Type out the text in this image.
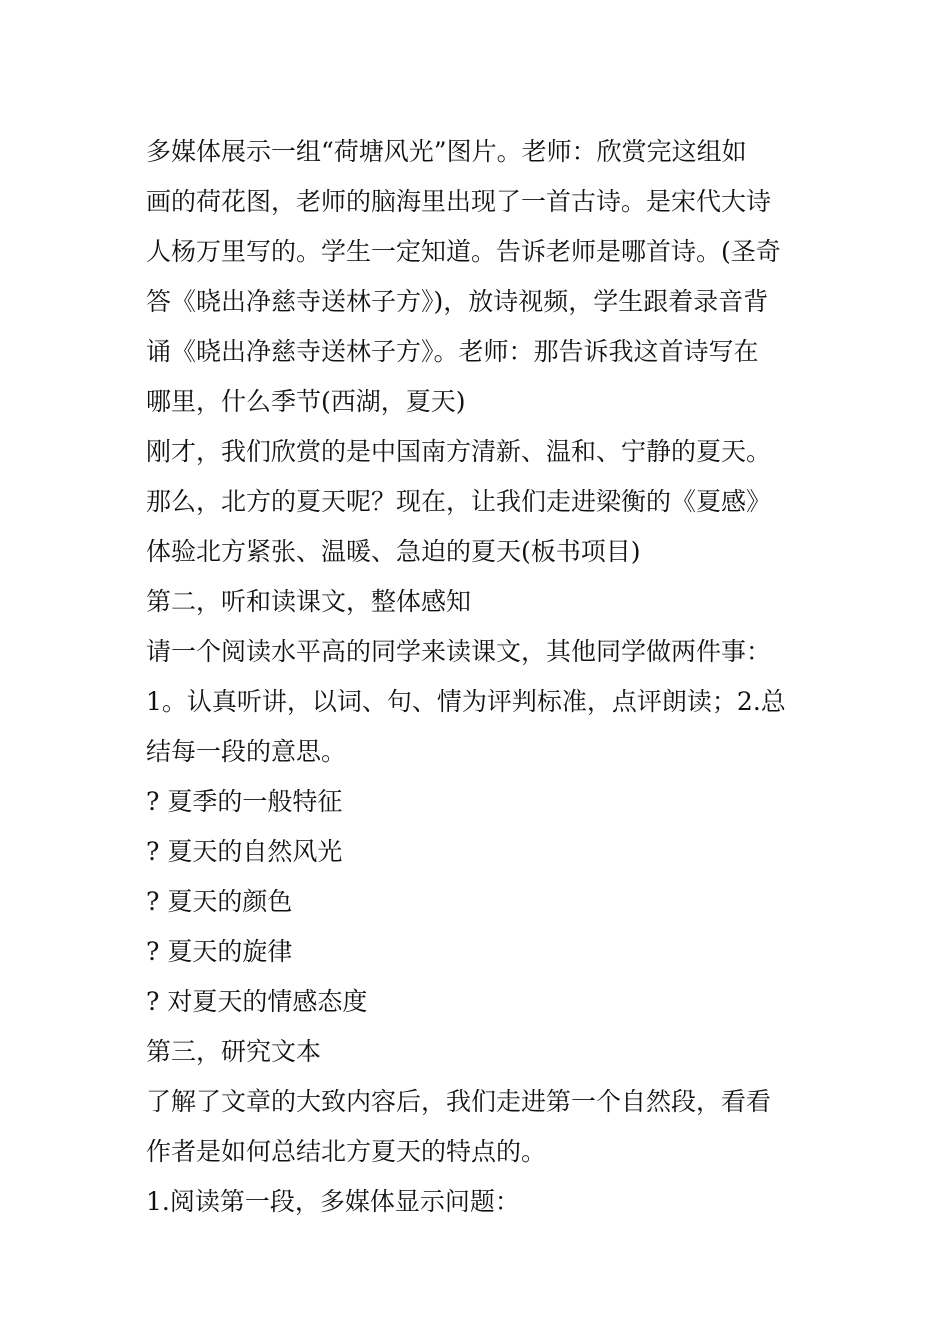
多媒体展示一组“荷塘风光”图片。老师：欣赏完这组如
画的荷花图，老师的脑海里出现了一首古诗。是宋代大诗
人杨万里写的。学生一定知道。告诉老师是哪首诗。(圣奇
答《晓出净慈寺送林子方》)，放诗视频，学生跟着录音背
诵《晓出净慈寺送林子方》。老师：那告诉我这首诗写在
哪里，什么季节(西湖，夏天)
刚才，我们欣赏的是中国南方清新、温和、宁静的夏天。
那么，北方的夏天呢？现在，让我们走进梁衡的《夏感》
体验北方紧张、温暖、急迫的夏天(板书项目)
第二，听和读课文，整体感知
请一个阅读水平高的同学来读课文，其他同学做两件事：
1。认真听讲，以词、句、情为评判标准，点评朗读；2.总
结每一段的意思。
? 夏季的一般特征
? 夏天的自然风光
? 夏天的颜色
? 夏天的旋律
? 对夏天的情感态度
第三，研究文本
了解了文章的大致内容后，我们走进第一个自然段，看看
作者是如何总结北方夏天的特点的。
1.阅读第一段，多媒体显示问题：
